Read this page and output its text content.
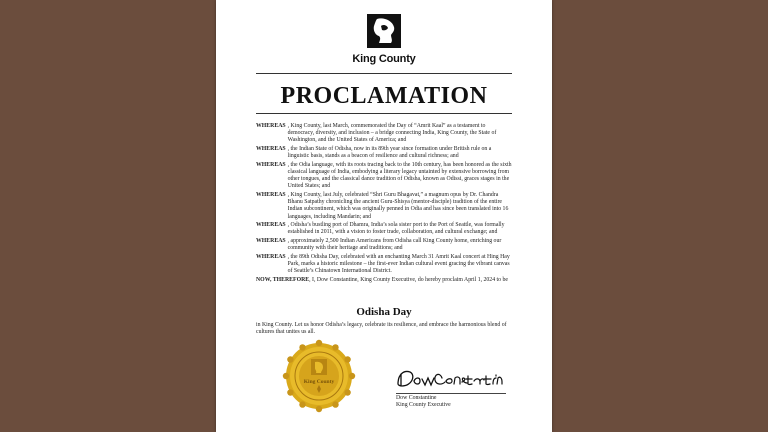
King County
PROCLAMATION
WHEREAS , King County, last March, commemorated the Day of “Amrit Kaal” as a testament to democracy, diversity, and inclusion – a bridge connecting India, King County, the State of Washington, and the United States of America; and
WHEREAS , the Indian State of Odisha, now in its 89th year since formation under British rule on a linguistic basis, stands as a beacon of resilience and cultural richness; and
WHEREAS , the Odia language, with its roots tracing back to the 10th century, has been honored as the sixth classical language of India, embodying a literary legacy untainted by extensive borrowing from other tongues, and the classical dance tradition of Odisha, known as Odissi, graces stages in the United States; and
WHEREAS , King County, last July, celebrated “Shri Guru Bhagavat,” a magnum opus by Dr. Chandra Bhanu Satpathy chronicling the ancient Guru-Shisya (mentor-disciple) tradition of the entire Indian subcontinent, which was originally penned in Odia and has since been translated into 16 languages, including Mandarin; and
WHEREAS , Odisha’s bustling port of Dhamra, India’s sola sister port to the Port of Seattle, was formally established in 2011, with a vision to foster trade, collaboration, and cultural exchange; and
WHEREAS , approximately 2,500 Indian Americans from Odisha call King County home, enriching our community with their heritage and traditions; and
WHEREAS , the 89th Odisha Day, celebrated with an enchanting March 31 Amrit Kaal concert at Hing Hay Park, marks a historic milestone – the first-ever Indian cultural event gracing the vibrant canvas of Seattle’s Chinatown International District.
NOW, THEREFORE, I, Dow Constantine, King County Executive, do hereby proclaim April 1, 2024 to be
Odisha Day
in King County. Let us honor Odisha’s legacy, celebrate its resilience, and embrace the harmonious blend of cultures that unites us all.
King County
Dow Constantine
Dow Constantine
King County Executive
